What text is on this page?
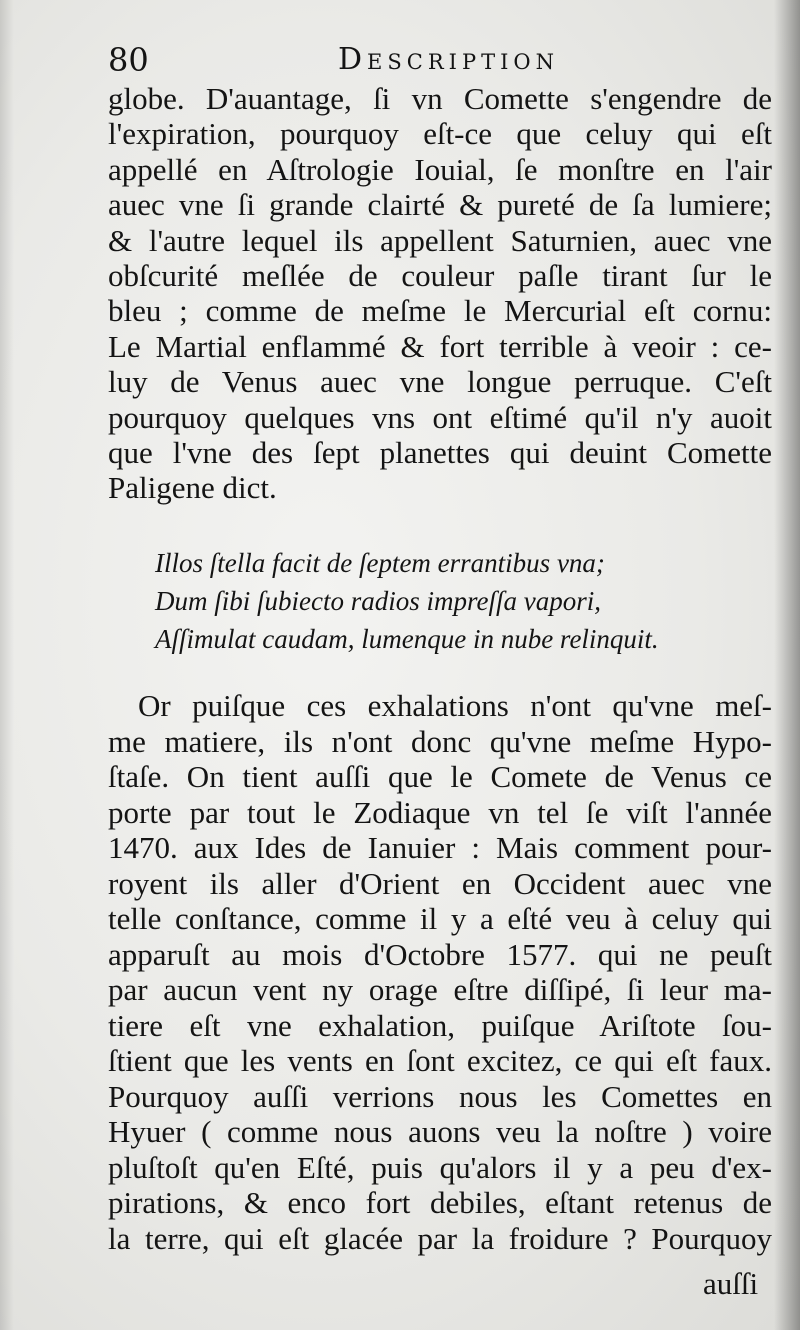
80	Description
globe. D'auantage, ſi vn Comette s'engendre de
l'expiration, pourquoy eſt-ce que celuy qui eſt
appellé en Aſtrologie Iouial, ſe monſtre en l'air
auec vne ſi grande clairté & pureté de ſa lumiere;
& l'autre lequel ils appellent Saturnien, auec vne
obſcurité meſlée de couleur paſle tirant ſur le
bleu ; comme de meſme le Mercurial eſt cornu:
Le Martial enflammé & fort terrible à veoir : ce-
luy de Venus auec vne longue perruque. C'eſt
pourquoy quelques vns ont eſtimé qu'il n'y auoit
que l'vne des ſept planettes qui deuint Comette
Paligene dict.
Illos ſtella facit de ſeptem errantibus vna;
Dum ſibi ſubiecto radios impreſſa vapori,
Aſſimulat caudam, lumenque in nube relinquit.
Or puiſque ces exhalations n'ont qu'vne meſ-
me matiere, ils n'ont donc qu'vne meſme Hypo-
ſtaſe. On tient auſſi que le Comete de Venus ce
porte par tout le Zodiaque vn tel ſe viſt l'année
1470. aux Ides de Ianuier : Mais comment pour-
royent ils aller d'Orient en Occident auec vne
telle conſtance, comme il y a eſté veu à celuy qui
apparuſt au mois d'Octobre 1577. qui ne peuſt
par aucun vent ny orage eſtre diſſipé, ſi leur ma-
tiere eſt vne exhalation, puiſque Ariſtote ſou-
ſtient que les vents en ſont excitez, ce qui eſt faux.
Pourquoy auſſi verrions nous les Comettes en
Hyuer ( comme nous auons veu la noſtre ) voire
pluſtoſt qu'en Eſté, puis qu'alors il y a peu d'ex-
pirations, & enco fort debiles, eſtant retenus de
la terre, qui eſt glacée par la froidure ? Pourquoy
auſſi
